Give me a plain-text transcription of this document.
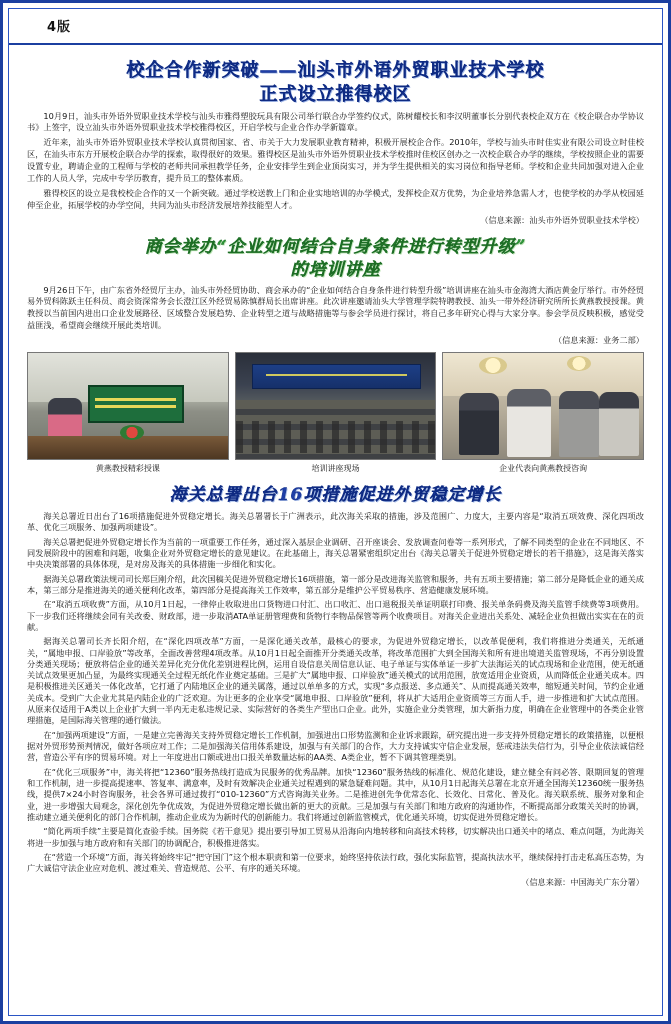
4版
校企合作新突破——汕头市外语外贸职业技术学校
正式设立推得校区

10月9日，汕头市外语外贸职业技术学校与汕头市雅得塑胶玩具有限公司举行联合办学签约仪式，陈树耀校长和李汉明董事长分别代表校企双方在《校企联合办学协议书》上签字，设立汕头市外语外贸职业技术学校雅得校区，开启学校与企业合作办学新篇章。

近年来，汕头市外语外贸职业技术学校认真贯彻国家、省、市关于大力发展职业教育精神，积极开展校企合作。2010年，学校与汕头市时佳实业有限公司设立时佳校区，在汕头市东方开展校企联合办学的探索，取得很好的效果。雅得校区是汕头市外语外贸职业技术学校推时佳校区创办之一次校企联合办学的继续，学校按照企业的需要设置专业，聘请企业的工程师与学校的老师共同承担教学任务，企业安排学生到企业顶岗实习，并为学生提供相关的实习岗位和指导老师。学校和企业共同加强对进入企业工作的人员人学，完成中专学历教育，提升员工的整体素质。

雅得校区的设立是我校校企合作的又一个新突破。通过学校送教上门和企业实地培训的办学模式，发挥校企双方优势，为企业培养急需人才，也使学校的办学从校园延伸至企业，拓展学校的办学空间，共同为汕头市经济发展培养技能型人才。

（信息来源：汕头市外语外贸职业技术学校）

商会举办“企业如何结合自身条件进行转型升级”
的培训讲座

9月26日下午，由广东省外经贸厅主办，汕头市外经贸协助、商会承办的“企业如何结合自身条件进行转型升级”培训讲座在汕头市金海湾大酒店黄金厅举行。市外经贸易外贸科陈跃主任科员、商会资深常务会长澄江区外经贸易陈慎群局长出席讲座。此次讲座邀请汕头大学管理学院特聘教授、汕头一带外经济研究所所长黄燕教授授课。黄教授以当前国内进出口企业发展路径、区域整合发展趋势、企业转型之道与战略措施等与参会学员进行探讨，将自己多年研究心得与大家分享。参会学员反映积极，感觉受益匪浅，希望商会继续开展此类培训。

（信息来源：业务二部）

黄燕教授精彩授课	培训讲座现场	企业代表向黄燕教授咨询
海关总署出台16项措施促进外贸稳定增长

海关总署近日出台了16项措施促进外贸稳定增长。海关总署署长于广洲表示，此次海关采取的措施，涉及范围广、力度大，主要内容是“取消五项效费、深化四项改革、优化三项服务、加强两项建设”。

海关总署把促进外贸稳定增长作为当前的一项重要工作任务，通过深入基层企业调研、召开座谈会、发放调查问卷等一系列形式，了解不同类型的企业在不同地区、不同发展阶段中的困难和问题，收集企业对外贸稳定增长的意见建议。在此基础上，海关总署紧密组织定出台《海关总署关于促进外贸稳定增长的若干措施》，这是海关落实中央决策部署的具体体现，是对房及海关的具体措施一步细化和实化。

据海关总署政策法规司司长郑巨刚介绍，此次国稿关促进外贸稳定增长16项措施，第一部分是改进海关监管和服务，共有五项主要措施；第二部分是降低企业的通关成本，第三部分是推进海关的通关便利化改革，第四部分是提高海关工作效率，第五部分是维护公平贸易秩序、营造健康发展环境。

在“取消五项收费”方面，从10月1日起，一律停止收取进出口货物进口付汇、出口收汇、出口退税报关单证明联打印费、报关单条码费及海关监管手续费等3项费用。下一步我们还将继续会同有关改委、财政部，进一步取消ATA单证册管理费和货物行李物品保管等两个收费项目。对海关企业进出关系处、减轻企业负担做出实实在在的贡献。

据海关总署司长齐长阳介绍，在“深化四项改革”方面，一是深化通关改革，最核心的要求，为促进外贸稳定增长，以改革促便利，我们将推进分类通关，无纸通关，“属地申报、口岸验放”等改革，全面改善营理4项改革。从10月1日起全面推开分类通关改革，将改革范围扩大到全国海关和所有进出境道关监管现场，不再分别设置分类通关现场；便放将信企业的通关差异化充分优化差别进程比例，运用自设信息关周信息认证、电子单证与实体单证一步扩大法海运关的试点现场和企业范围，使无纸通关试点效果更加凸显，为最终实现通关全过程无纸化作业奠定基础。三是扩大“属地申报、口岸验放”通关模式的试用范围，放宽适用企业资质，从而降低企业通关成本。四是积极推进关区通关一体化改革，它打通了内陆地区企业的通关属落，通过以单单多的方式，实现“多点报送、多点通关”、从而提高通关效率，缩短通关时间，节约企业通关成本。受到广大企业尤其是内陆企业的广泛欢迎。为让更多的企业享受“属地申报、口岸验放”便利，将从扩大适用企业资质等三方面人手，进一步推进和扩大试点范围。从原来仅适用于A类以上企业扩大到一半内无走私违规记录、实际营好的各类生产型出口企业。此外，实施企业分类管理，加大新指力度，明确在企业管理中的各类企业管理措施，是国际海关管理的通行做法。

在“加强两项建设”方面，一是建立完善海关支持外贸稳定增长工作机制，加强进出口形势监测和企业诉求跟踪，研究提出进一步支持外贸稳定增长的政策措施，以便根据对外贸形势预判情况，做好各项应对工作；二是加强海关信用体系建设，加强与有关部门的合作，大力支持诚实守信企业发展，惩戒违法失信行为，引导企业依法诚信经营，营造公平有序的贸易环境。对上一年度进出口额或进出口报关单数量达标的AA类、A类企业，暂不下调其管理类别。

在“优化三项服务”中，海关将把“12360”服务热线打造成为民服务的优秀品牌。加快“12360”服务热线的标准化、规范化建设，建立健全有问必答、限期回复的管理和工作机制，进一步提高提速率、答复率、满意率，及时有效解决企业通关过程遇到的紧急疑难问题。其中，从10月1日起海关总署在北京开通全国海关12360统一服务热线，提供7×24小时咨询服务，社会各界可通过拨打“010-12360”方式咨询海关业务。二是推进创先争优常态化、长效化、日常化、普及化。海关联系统、服务对象和企业，进一步增强大局观念，深化创先争优成效，为促进外贸稳定增长做出新的更大的贡献。三是加强与有关部门和地方政府的沟通协作，不断提高部分政策关关时的协调，推动建立通关便利化的部门合作机制，推动企业成为为新时代的创新能力。我们将通过创新监管模式，优化通关环境，切实促进外贸稳定增长。

“简化两项手续”主要是简化查验手续。国务院《若干意见》提出要引导加工贸易从沿海向内地转移和向高技术转移，切实解决出口通关中的堵点、难点问题，为此海关将进一步加强与地方政府和有关部门的协调配合，积极推进落实。

在“营造一个环境”方面，海关将始终牢记“把守国门”这个根本职责和第一位要求，始终坚持依法行政，强化实际监管，提高执法水平，继续保持打击走私高压态势，为广大诚信守法企业应对危机、渡过难关、营造规范、公平、有序的通关环境。

（信息来源：中国海关广东分署）
